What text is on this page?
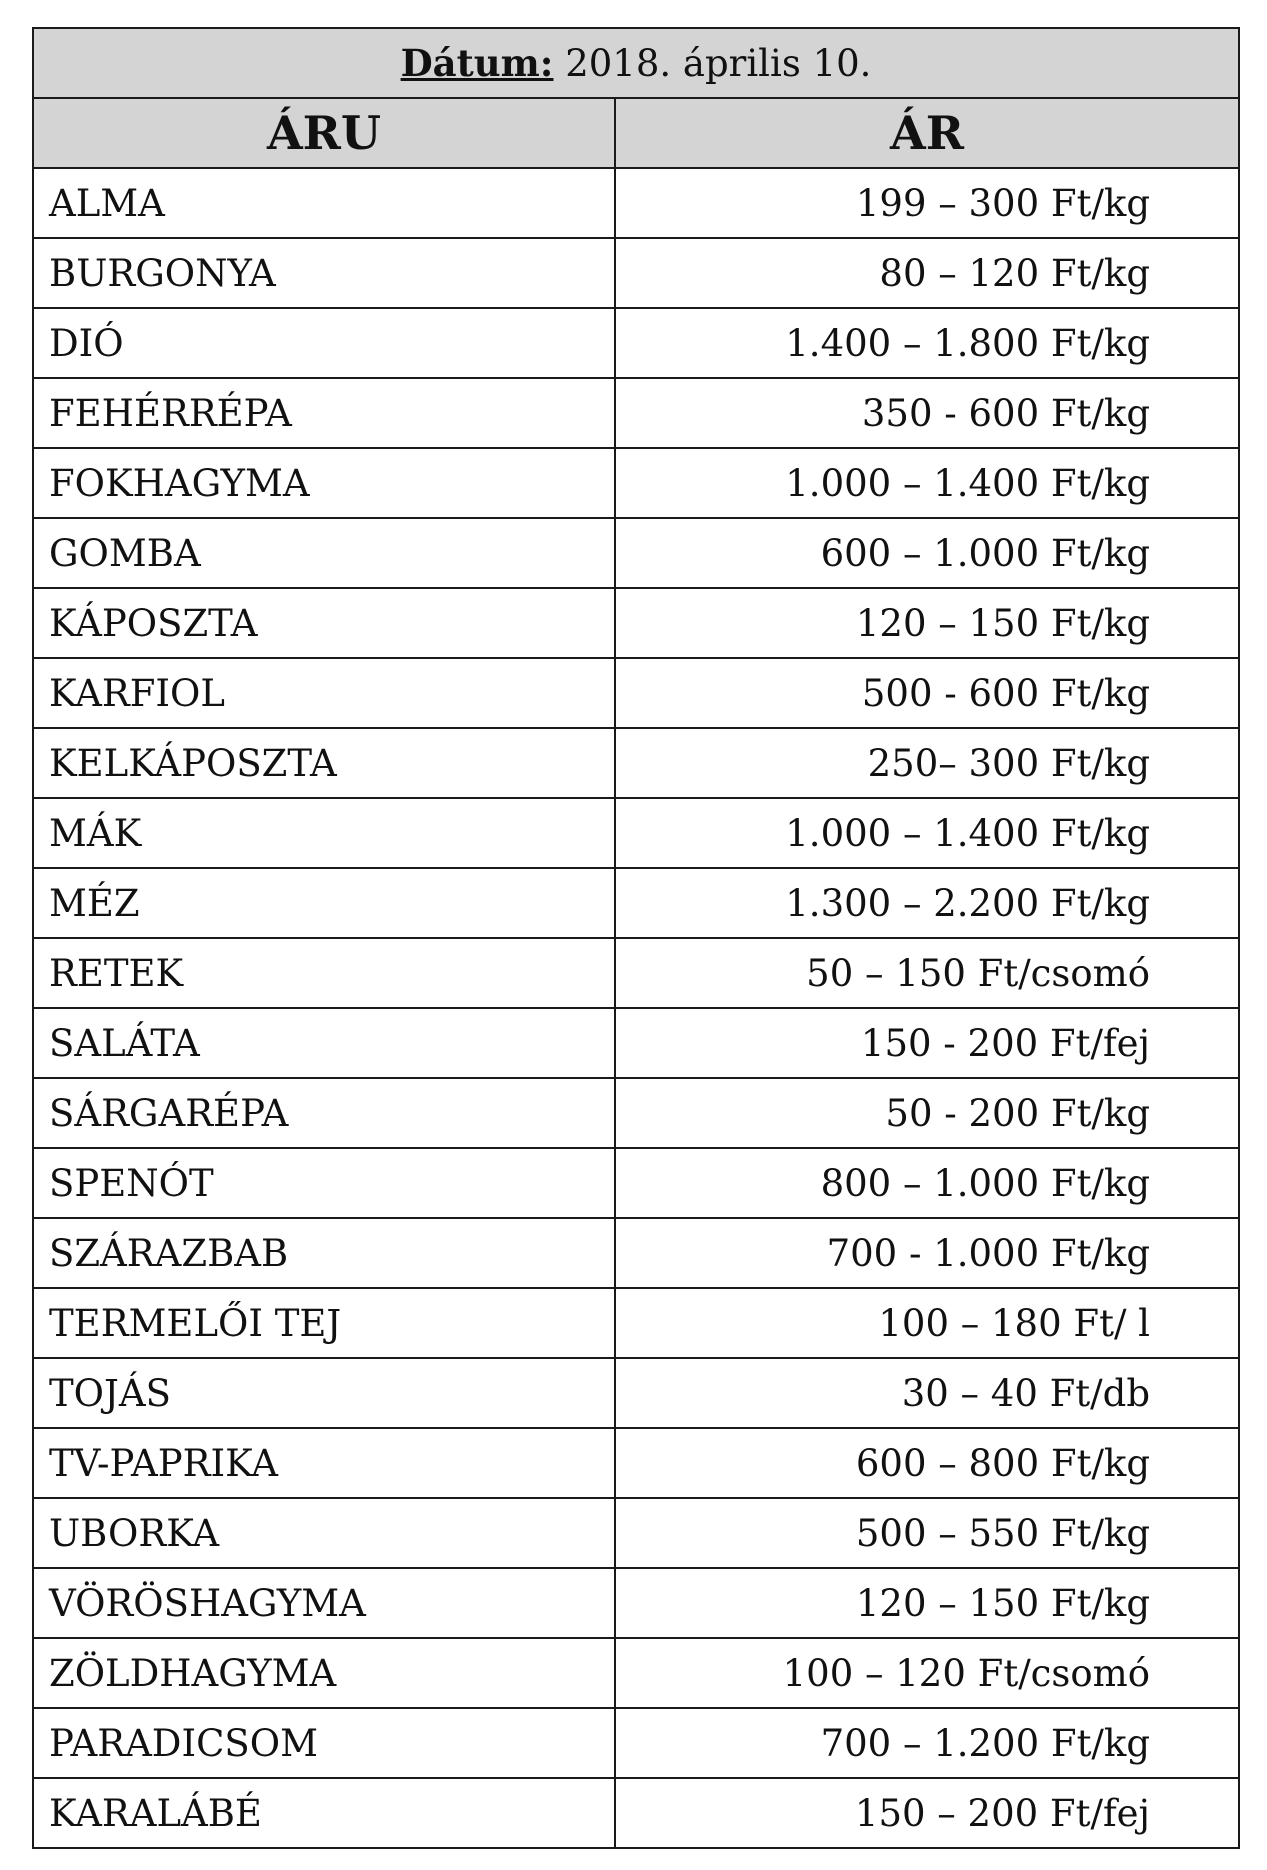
Dátum: 2018. április 10.	
ÁRU	ÁR
ALMA	199 – 300 Ft/kg
BURGONYA	80 – 120 Ft/kg
DIÓ	1.400 – 1.800 Ft/kg
FEHÉRRÉPA	350 - 600 Ft/kg
FOKHAGYMA	1.000 – 1.400 Ft/kg
GOMBA	600 – 1.000 Ft/kg
KÁPOSZTA	120 – 150 Ft/kg
KARFIOL	500 - 600 Ft/kg
KELKÁPOSZTA	250– 300 Ft/kg
MÁK	1.000 – 1.400 Ft/kg
MÉZ	1.300 – 2.200 Ft/kg
RETEK	50 – 150 Ft/csomó
SALÁTA	150 - 200 Ft/fej
SÁRGARÉPA	50 - 200 Ft/kg
SPENÓT	800 – 1.000 Ft/kg
SZÁRAZBAB	700 - 1.000 Ft/kg
TERMELŐI TEJ	100 – 180 Ft/ l
TOJÁS	30 – 40 Ft/db
TV-PAPRIKA	600 – 800 Ft/kg
UBORKA	500 – 550 Ft/kg
VÖRÖSHAGYMA	120 – 150 Ft/kg
ZÖLDHAGYMA	100 – 120 Ft/csomó
PARADICSOM	700 – 1.200 Ft/kg
KARALÁBÉ	150 – 200 Ft/fej
